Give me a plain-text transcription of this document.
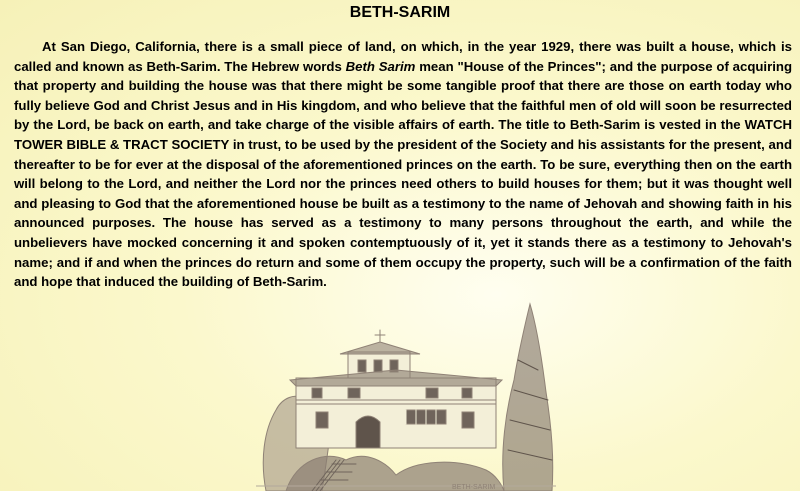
BETH-SARIM

At San Diego, California, there is a small piece of land, on which, in the year 1929, there was built a house, which is called and known as Beth-Sarim. The Hebrew words Beth Sarim mean "House of the Princes"; and the purpose of acquiring that property and building the house was that there might be some tangible proof that there are those on earth today who fully believe God and Christ Jesus and in His kingdom, and who believe that the faithful men of old will soon be resurrected by the Lord, be back on earth, and take charge of the visible affairs of earth. The title to Beth-Sarim is vested in the WATCH TOWER BIBLE & TRACT SOCIETY in trust, to be used by the president of the Society and his assistants for the present, and thereafter to be for ever at the disposal of the aforementioned princes on the earth. To be sure, everything then on the earth will belong to the Lord, and neither the Lord nor the princes need others to build houses for them; but it was thought well and pleasing to God that the aforementioned house be built as a testimony to the name of Jehovah and showing faith in his announced purposes. The house has served as a testimony to many persons throughout the earth, and while the unbelievers have mocked concerning it and spoken contemptuously of it, yet it stands there as a testimony to Jehovah's name; and if and when the princes do return and some of them occupy the property, such will be a confirmation of the faith and hope that induced the building of Beth-Sarim.

BETH-SARIM
